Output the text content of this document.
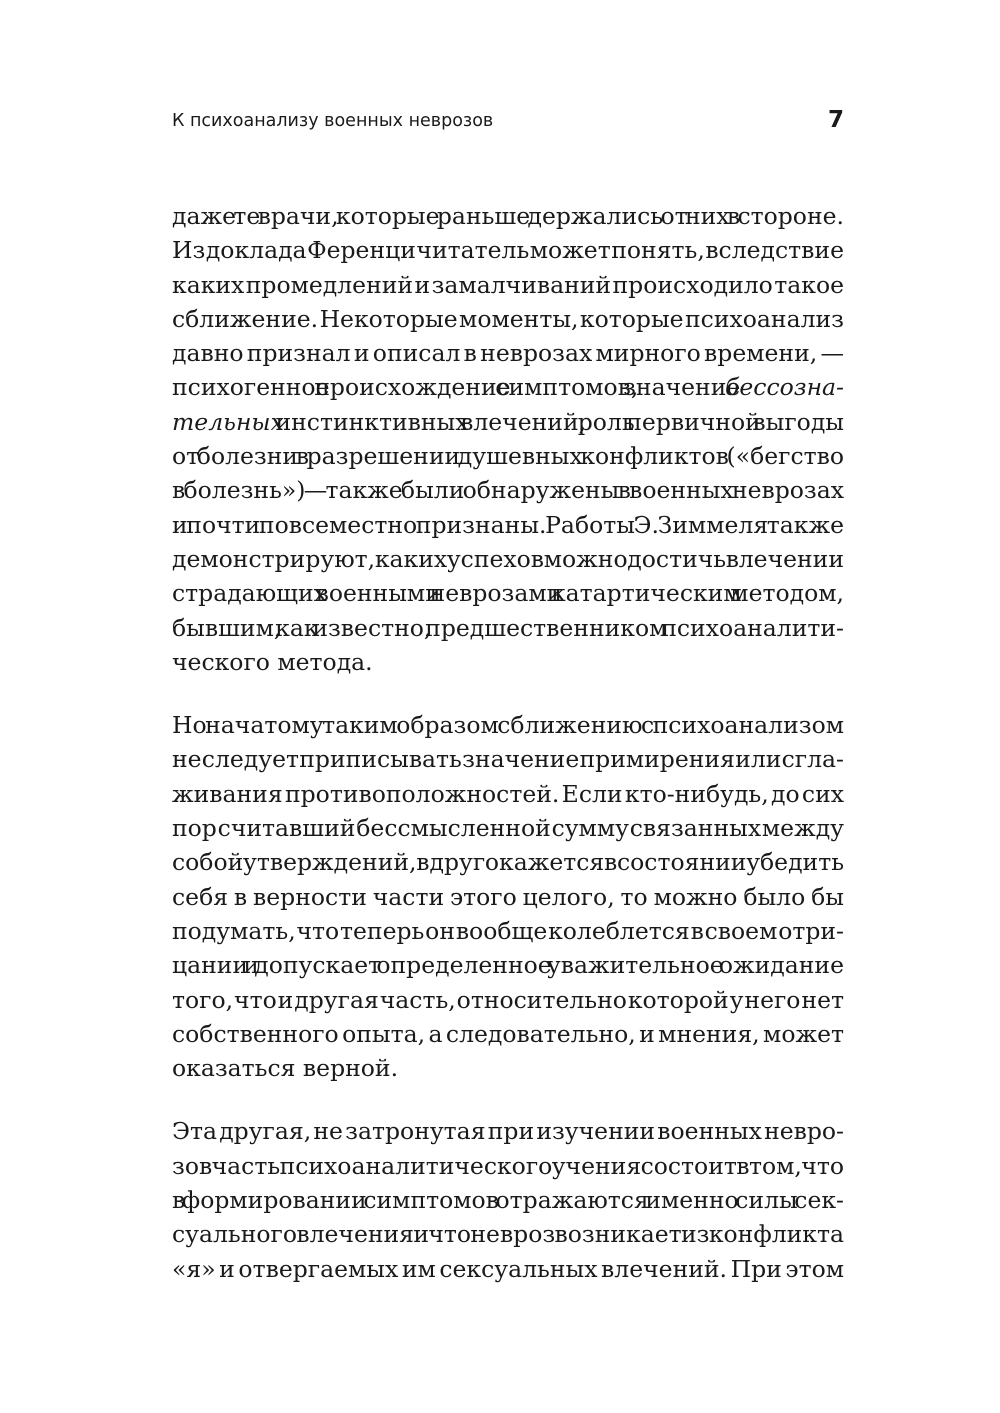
К психоанализу военных неврозов	7

даже те врачи, которые раньше держались от них в стороне.
Из доклада Ференци читатель может понять, вследствие
каких промедлений и замалчиваний происходило такое
сближение. Некоторые моменты, которые психоанализ
давно признал и описал в неврозах мирного времени, —
психогенное происхождение симптомов, значение бессозна-
тельных инстинктивных влечений, роль первичной выгоды
от болезни в разрешении душевных конфликтов («бегство
в болезнь») — также были обнаружены в военных неврозах
и почти повсеместно признаны. Работы Э. Зиммеля также
демонстрируют, каких успехов можно достичь в лечении
страдающих военными неврозами катартическим методом,
бывшим, как известно, предшественником психоаналити-
ческого метода.

Но начатому таким образом сближению с психоанализом
не следует приписывать значение примирения или сгла-
живания противоположностей. Если кто-нибудь, до сих
пор считавший бессмысленной сумму связанных между
собой утверждений, вдруг окажется в состоянии убедить
себя в верности части этого целого, то можно было бы
подумать, что теперь он вообще колеблется в своем отри-
цании и допускает определенное уважительное ожидание
того, что и другая часть, относительно которой у него нет
собственного опыта, а следовательно, и мнения, может
оказаться верной.

Эта другая, не затронутая при изучении военных невро-
зов часть психоаналитического учения состоит в том, что
в формировании симптомов отражаются именно силы сек-
суального влечения и что невроз возникает из конфликта
«я» и отвергаемых им сексуальных влечений. При этом
